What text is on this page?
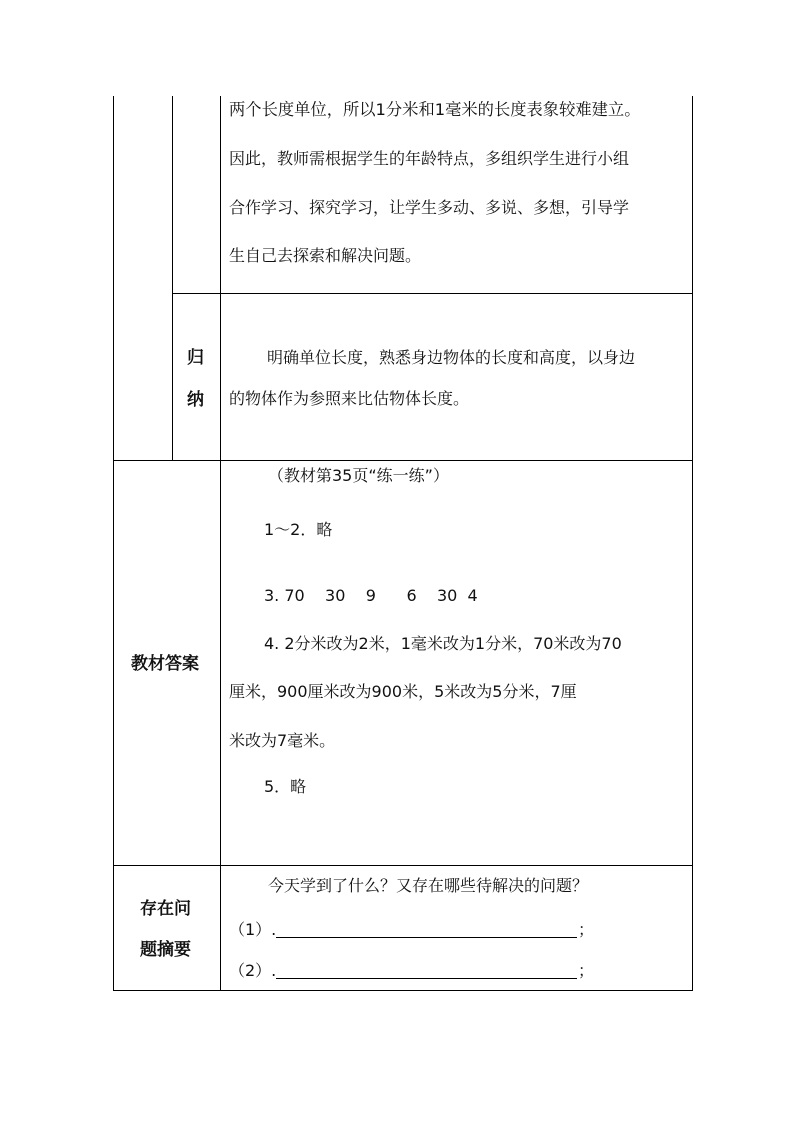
两个长度单位，所以1分米和1毫米的长度表象较难建立。
因此，教师需根据学生的年龄特点，多组织学生进行小组
合作学习、探究学习，让学生多动、多说、多想，引导学
生自己去探索和解决问题。
归
纳
明确单位长度，熟悉身边物体的长度和高度，以身边
的物体作为参照来比估物体长度。
教材答案
（教材第35页“练一练”）
1～2．略
3. 70    30    9      6    30  4
4. 2分米改为2米，1毫米改为1分米，70米改为70
厘米，900厘米改为900米，5米改为5分米，7厘
米改为7毫米。
5．略
存在问
题摘要
今天学到了什么？又存在哪些待解决的问题？
（1）.	；
（2）.	；
